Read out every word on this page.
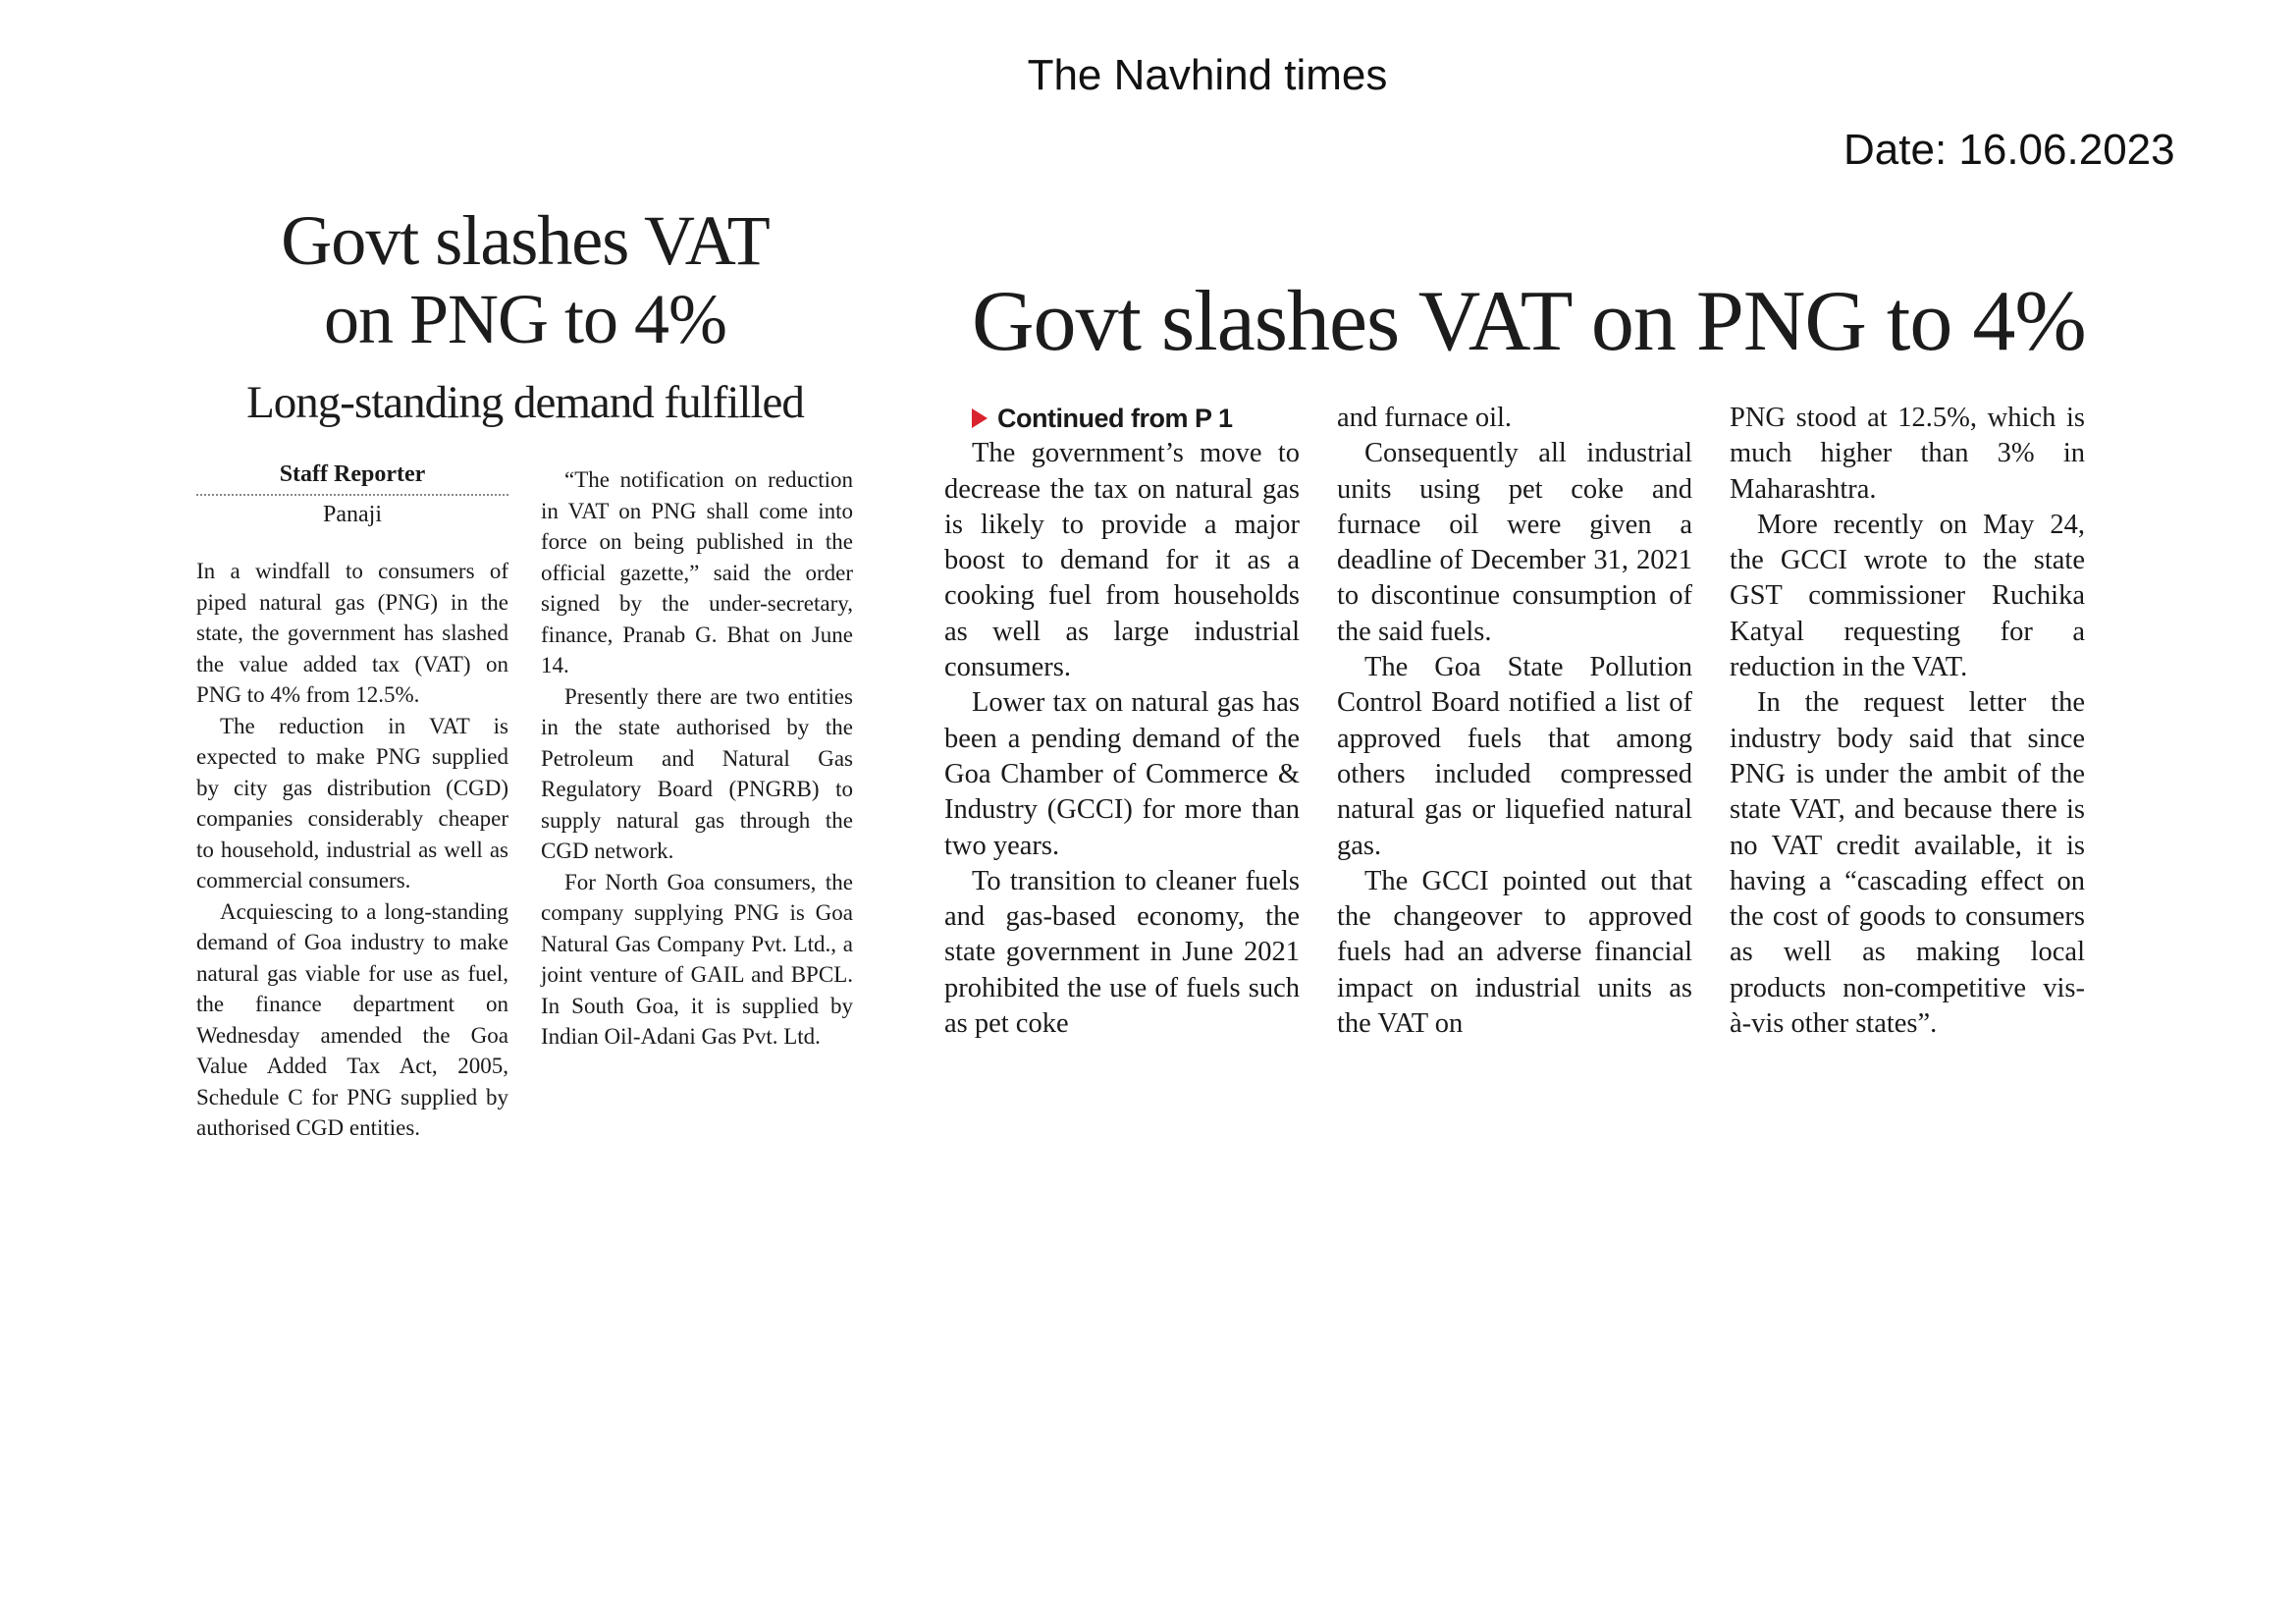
The Navhind times
Date: 16.06.2023
Govt slashes VAT
on PNG to 4%
Long-standing demand fulfilled
Staff Reporter
Panaji

In a windfall to consumers of piped natural gas (PNG) in the state, the government has slashed the value added tax (VAT) on PNG to 4% from 12.5%.

The reduction in VAT is expected to make PNG supplied by city gas distribution (CGD) companies considerably cheaper to household, industrial as well as commercial consumers.

Acquiescing to a long-standing demand of Goa industry to make natural gas viable for use as fuel, the finance department on Wednesday amended the Goa Value Added Tax Act, 2005, Schedule C for PNG supplied by authorised CGD entities.

“The notification on reduction in VAT on PNG shall come into force on being published in the official gazette,” said the order signed by the under-secretary, finance, Pranab G. Bhat on June 14.

Presently there are two entities in the state authorised by the Petroleum and Natural Gas Regulatory Board (PNGRB) to supply natural gas through the CGD network.

For North Goa consumers, the company supplying PNG is Goa Natural Gas Company Pvt. Ltd., a joint venture of GAIL and BPCL. In South Goa, it is supplied by Indian Oil-Adani Gas Pvt. Ltd.

Govt slashes VAT on PNG to 4%

Continued from P 1

The government’s move to decrease the tax on natural gas is likely to provide a major boost to demand for it as a cooking fuel from households as well as large industrial consumers.

Lower tax on natural gas has been a pending demand of the Goa Chamber of Commerce & Industry (GCCI) for more than two years.

To transition to cleaner fuels and gas-based economy, the state government in June 2021 prohibited the use of fuels such as pet coke

and furnace oil.

Consequently all industrial units using pet coke and furnace oil were given a deadline of December 31, 2021 to discontinue consumption of the said fuels.

The Goa State Pollution Control Board notified a list of approved fuels that among others included compressed natural gas or liquefied natural gas.

The GCCI pointed out that the changeover to approved fuels had an adverse financial impact on industrial units as the VAT on

PNG stood at 12.5%, which is much higher than 3% in Maharashtra.

More recently on May 24, the GCCI wrote to the state GST commissioner Ruchika Katyal requesting for a reduction in the VAT.

In the request letter the industry body said that since PNG is under the ambit of the state VAT, and because there is no VAT credit available, it is having a “cascading effect on the cost of goods to consumers as well as making local products non-competitive vis-à-vis other states”.
